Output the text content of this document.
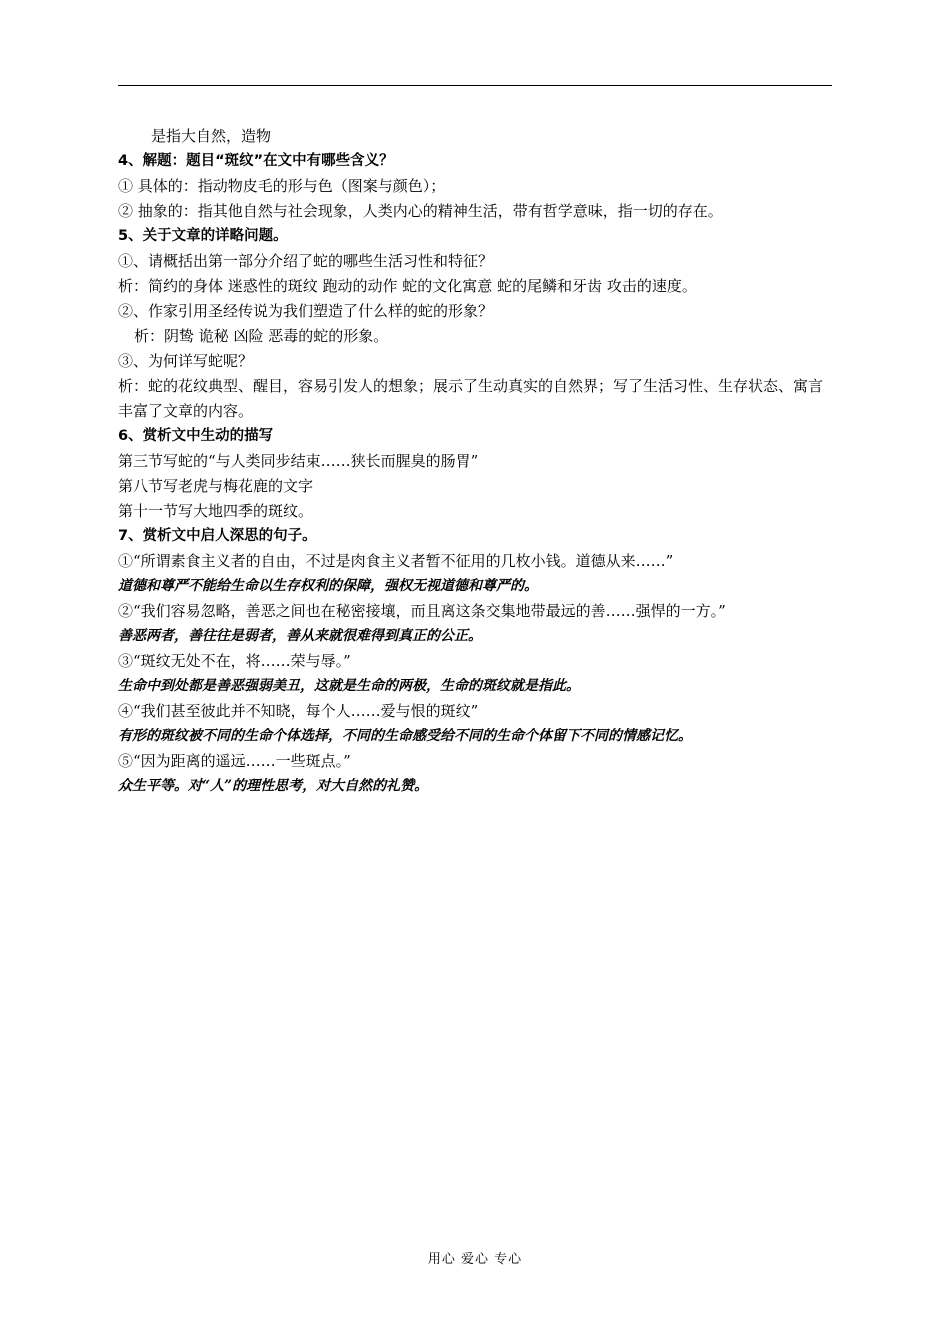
是指大自然，造物
4、解题：题目“斑纹”在文中有哪些含义？
① 具体的：指动物皮毛的形与色（图案与颜色）；
② 抽象的：指其他自然与社会现象，人类内心的精神生活，带有哲学意味，指一切的存在。
5、关于文章的详略问题。
①、请概括出第一部分介绍了蛇的哪些生活习性和特征？
析：简约的身体 迷惑性的斑纹 跑动的动作 蛇的文化寓意 蛇的尾鳞和牙齿 攻击的速度。
②、作家引用圣经传说为我们塑造了什么样的蛇的形象？
析：阴鸷 诡秘 凶险 恶毒的蛇的形象。
③、为何详写蛇呢？
析：蛇的花纹典型、醒目，容易引发人的想象；展示了生动真实的自然界；写了生活习性、生存状态、寓言丰富了文章的内容。
6、赏析文中生动的描写
第三节写蛇的“与人类同步结束……狭长而腥臭的肠胃”
第八节写老虎与梅花鹿的文字
第十一节写大地四季的斑纹。
7、赏析文中启人深思的句子。
①“所谓素食主义者的自由，不过是肉食主义者暂不征用的几枚小钱。道德从来……”
道德和尊严不能给生命以生存权利的保障，强权无视道德和尊严的。
②“我们容易忽略，善恶之间也在秘密接壤，而且离这条交集地带最远的善……强悍的一方。”
善恶两者，善往往是弱者，善从来就很难得到真正的公正。
③“斑纹无处不在，将……荣与辱。”
生命中到处都是善恶强弱美丑，这就是生命的两极，生命的斑纹就是指此。
④“我们甚至彼此并不知晓，每个人……爱与恨的斑纹”
有形的斑纹被不同的生命个体选择，不同的生命感受给不同的生命个体留下不同的情感记忆。
⑤“因为距离的遥远……一些斑点。”
众生平等。对“人”的理性思考，对大自然的礼赞。
用心 爱心 专心
